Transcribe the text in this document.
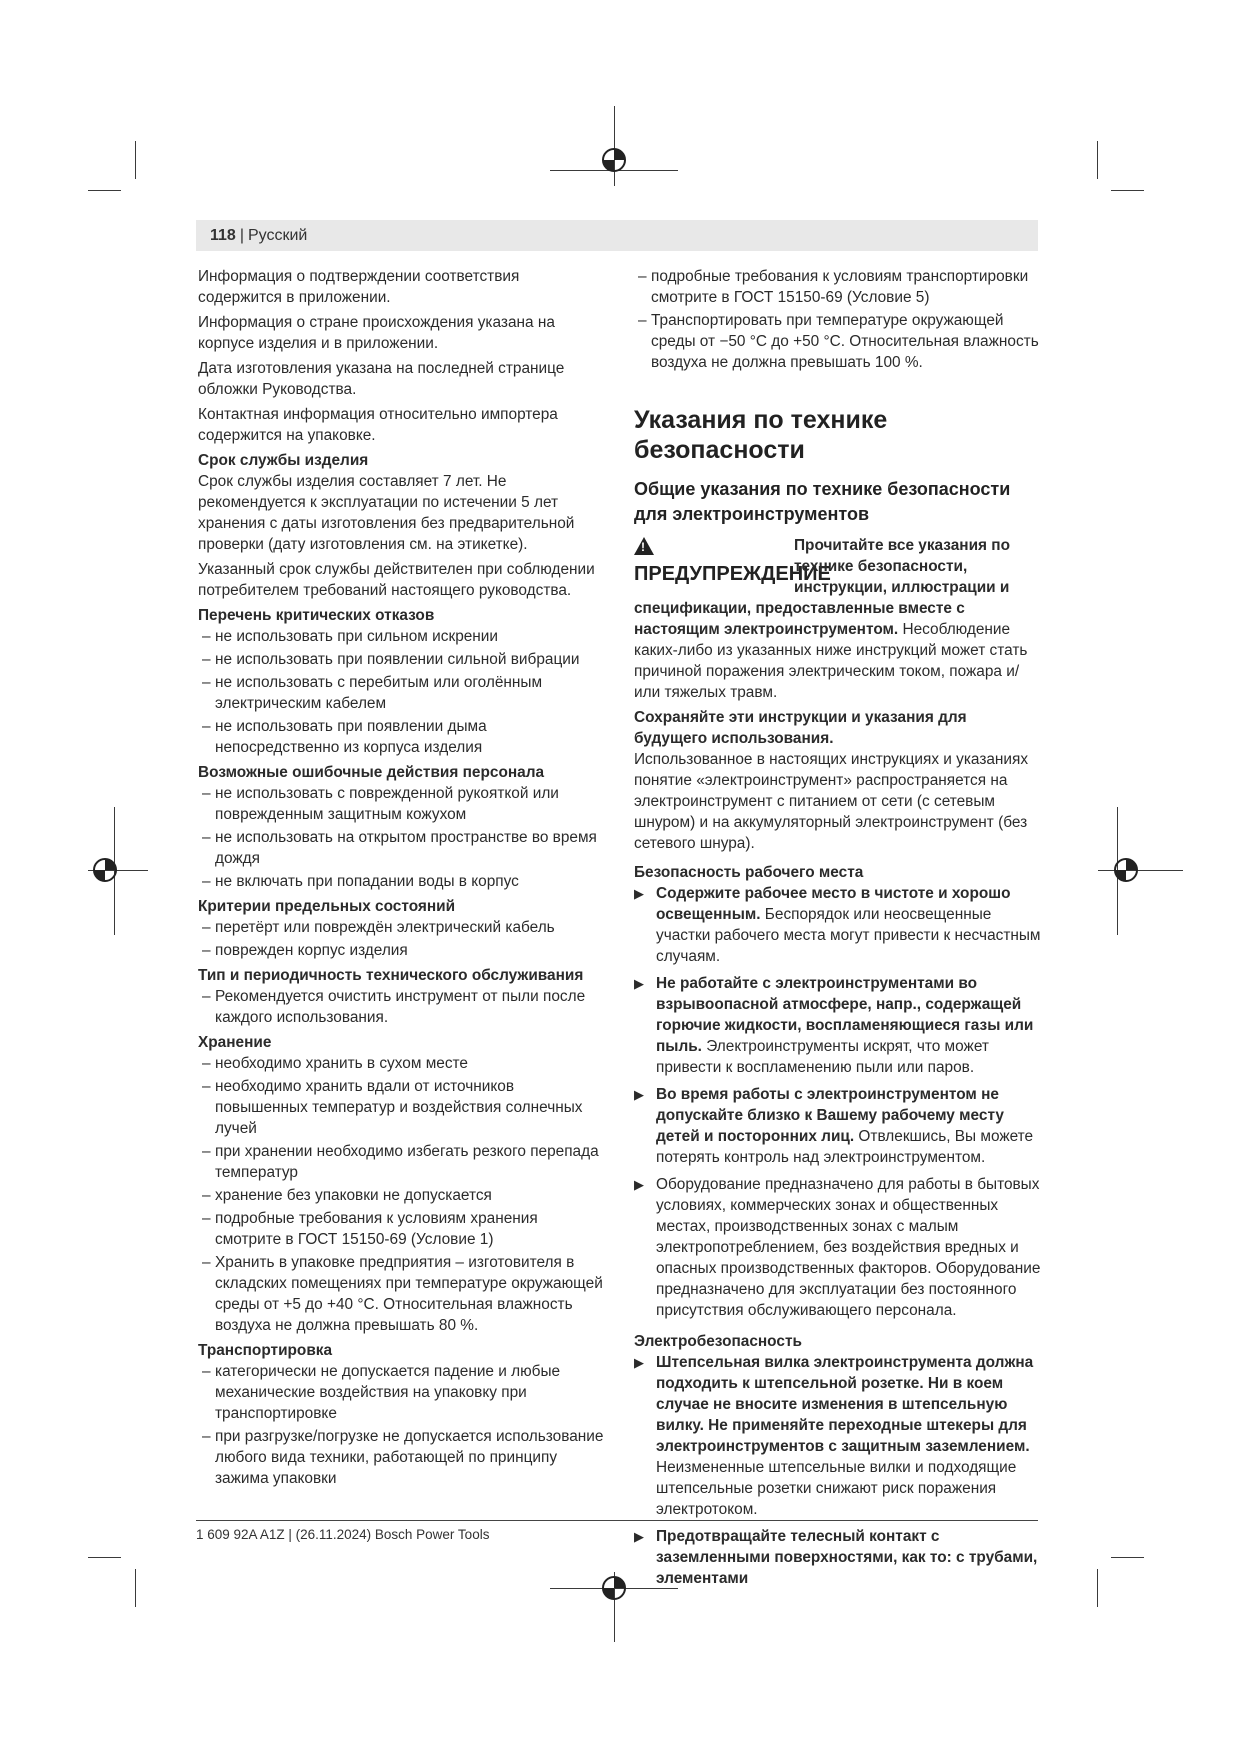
118 | Русский

Информация о подтверждении соответствия содержится в приложении.

Информация о стране происхождения указана на корпусе изделия и в приложении.

Дата изготовления указана на последней странице обложки Руководства.

Контактная информация относительно импортера содержится на упаковке.

Срок службы изделия

Срок службы изделия составляет 7 лет. Не рекомендуется к эксплуатации по истечении 5 лет хранения с даты изготовления без предварительной проверки (дату изготовления см. на этикетке).

Указанный срок службы действителен при соблюдении потребителем требований настоящего руководства.

Перечень критических отказов

– не использовать при сильном искрении

– не использовать при появлении сильной вибрации

– не использовать с перебитым или оголённым электрическим кабелем

– не использовать при появлении дыма непосредственно из корпуса изделия

Возможные ошибочные действия персонала

– не использовать с поврежденной рукояткой или поврежденным защитным кожухом

– не использовать на открытом пространстве во время дождя

– не включать при попадании воды в корпус

Критерии предельных состояний

– перетёрт или повреждён электрический кабель

– поврежден корпус изделия

Тип и периодичность технического обслуживания

– Рекомендуется очистить инструмент от пыли после каждого использования.

Хранение

– необходимо хранить в сухом месте

– необходимо хранить вдали от источников повышенных температур и воздействия солнечных лучей

– при хранении необходимо избегать резкого перепада температур

– хранение без упаковки не допускается

– подробные требования к условиям хранения смотрите в ГОСТ 15150-69 (Условие 1)

– Хранить в упаковке предприятия – изготовителя в складских помещениях при температуре окружающей среды от +5 до +40 °C. Относительная влажность воздуха не должна превышать 80 %.

Транспортировка

– категорически не допускается падение и любые механические воздействия на упаковку при транспортировке

– при разгрузке/погрузке не допускается использование любого вида техники, работающей по принципу зажима упаковки

– подробные требования к условиям транспортировки смотрите в ГОСТ 15150-69 (Условие 5)

– Транспортировать при температуре окружающей среды от −50 °C до +50 °C. Относительная влажность воздуха не должна превышать 100 %.

Указания по технике безопасности
Общие указания по технике безопасности для электроинструментов
!ПРЕДУПРЕЖДЕНИЕ
Прочитайте все указания по технике безопасности, инструкции, иллюстрации и спецификации, предоставленные вместе с настоящим электроинструментом. Несоблюдение каких-либо из указанных ниже инструкций может стать причиной поражения электрическим током, пожара и/или тяжелых травм.

Сохраняйте эти инструкции и указания для будущего использования.

Использованное в настоящих инструкциях и указаниях понятие «электроинструмент» распространяется на электроинструмент с питанием от сети (с сетевым шнуром) и на аккумуляторный электроинструмент (без сетевого шнура).

Безопасность рабочего места

▶ Содержите рабочее место в чистоте и хорошо освещенным. Беспорядок или неосвещенные участки рабочего места могут привести к несчастным случаям.
▶ Не работайте с электроинструментами во взрывоопасной атмосфере, напр., содержащей горючие жидкости, воспламеняющиеся газы или пыль. Электроинструменты искрят, что может привести к воспламенению пыли или паров.
▶ Во время работы с электроинструментом не допускайте близко к Вашему рабочему месту детей и посторонних лиц. Отвлекшись, Вы можете потерять контроль над электроинструментом.
▶ Оборудование предназначено для работы в бытовых условиях, коммерческих зонах и общественных местах, производственных зонах с малым электропотреблением, без воздействия вредных и опасных производственных факторов. Оборудование предназначено для эксплуатации без постоянного присутствия обслуживающего персонала.

Электробезопасность

▶ Штепсельная вилка электроинструмента должна подходить к штепсельной розетке. Ни в коем случае не вносите изменения в штепсельную вилку. Не применяйте переходные штекеры для электроинструментов с защитным заземлением. Неизмененные штепсельные вилки и подходящие штепсельные розетки снижают риск поражения электротоком.
▶ Предотвращайте телесный контакт с заземленными поверхностями, как то: с трубами, элементами
1 609 92A A1Z | (26.11.2024) Bosch Power Tools
